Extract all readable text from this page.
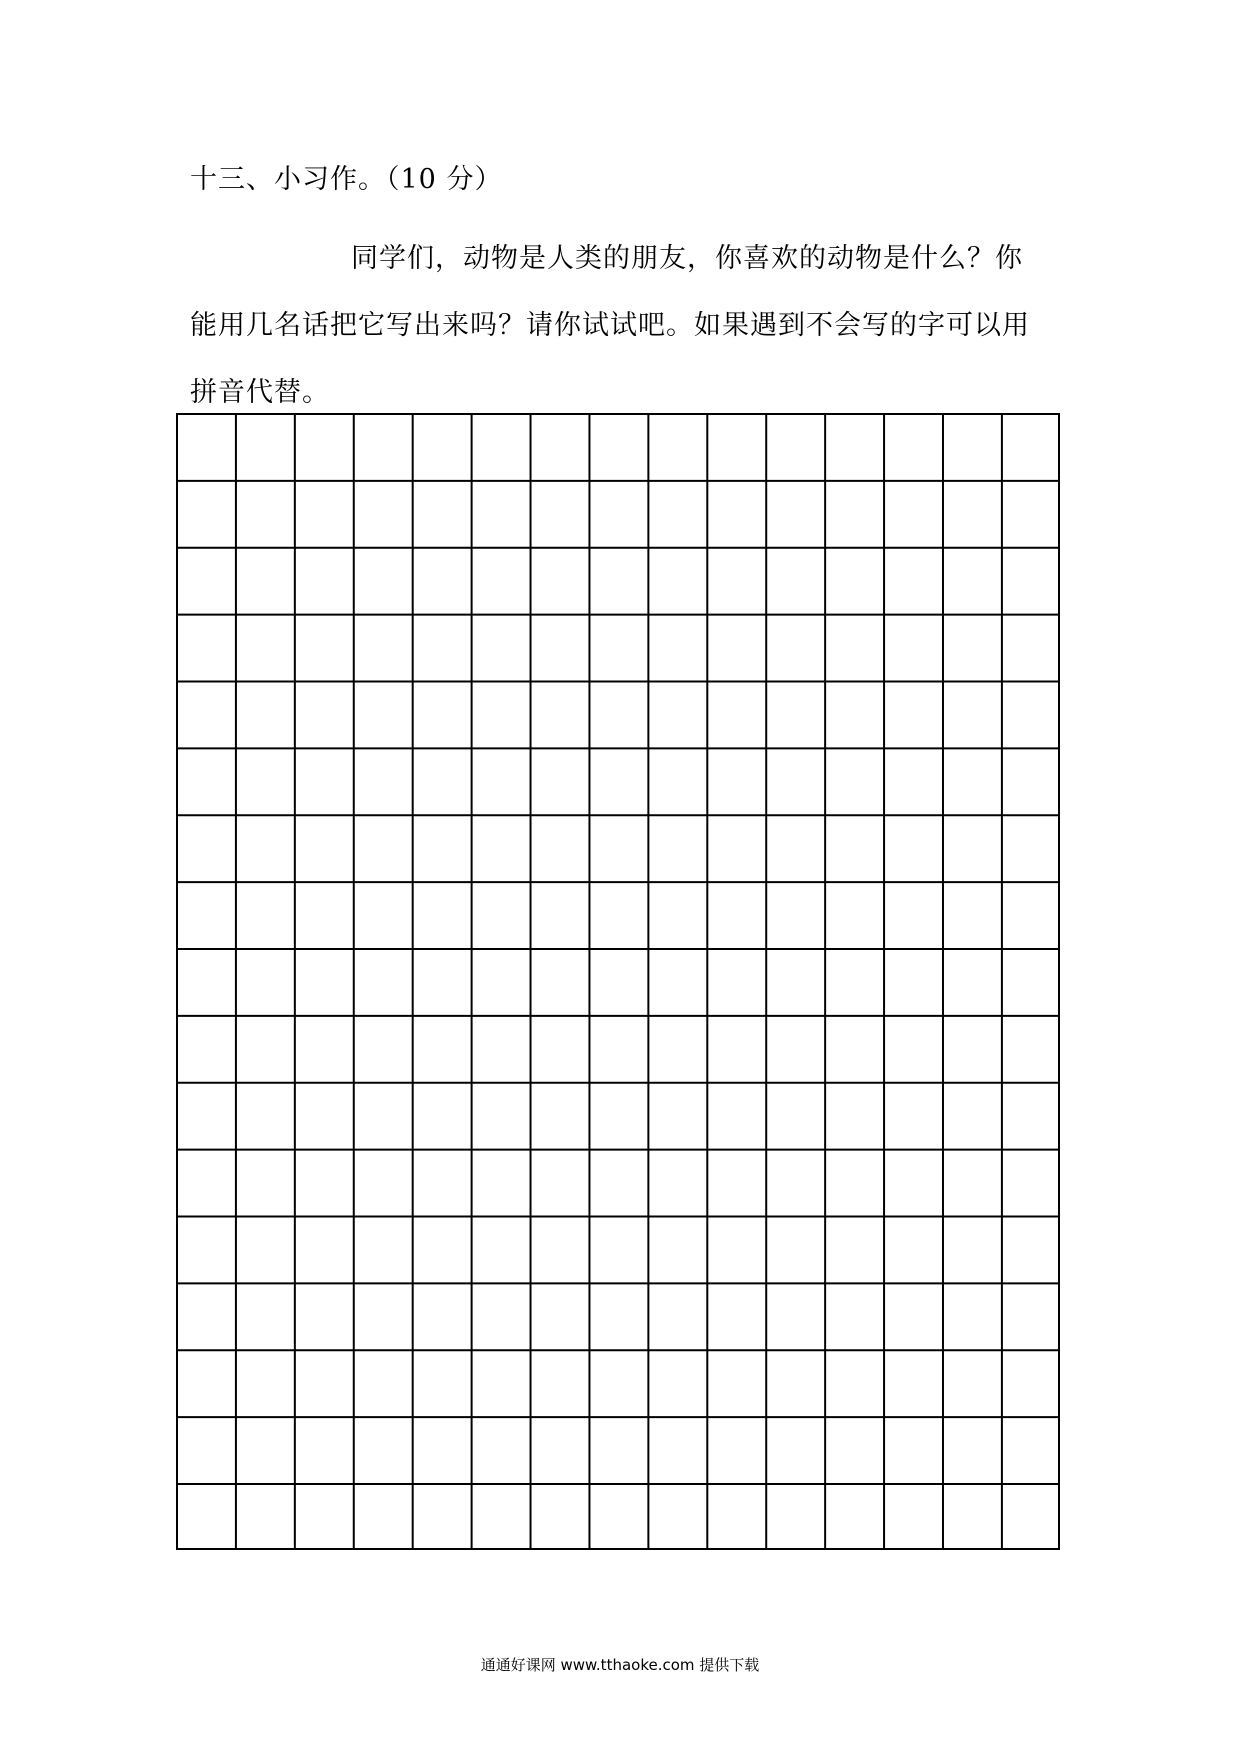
十三、小习作。（10 分）
同学们，动物是人类的朋友，你喜欢的动物是什么？你
能用几名话把它写出来吗？请你试试吧。如果遇到不会写的字可以用
拼音代替。
通通好课网 www.tthaoke.com 提供下载
